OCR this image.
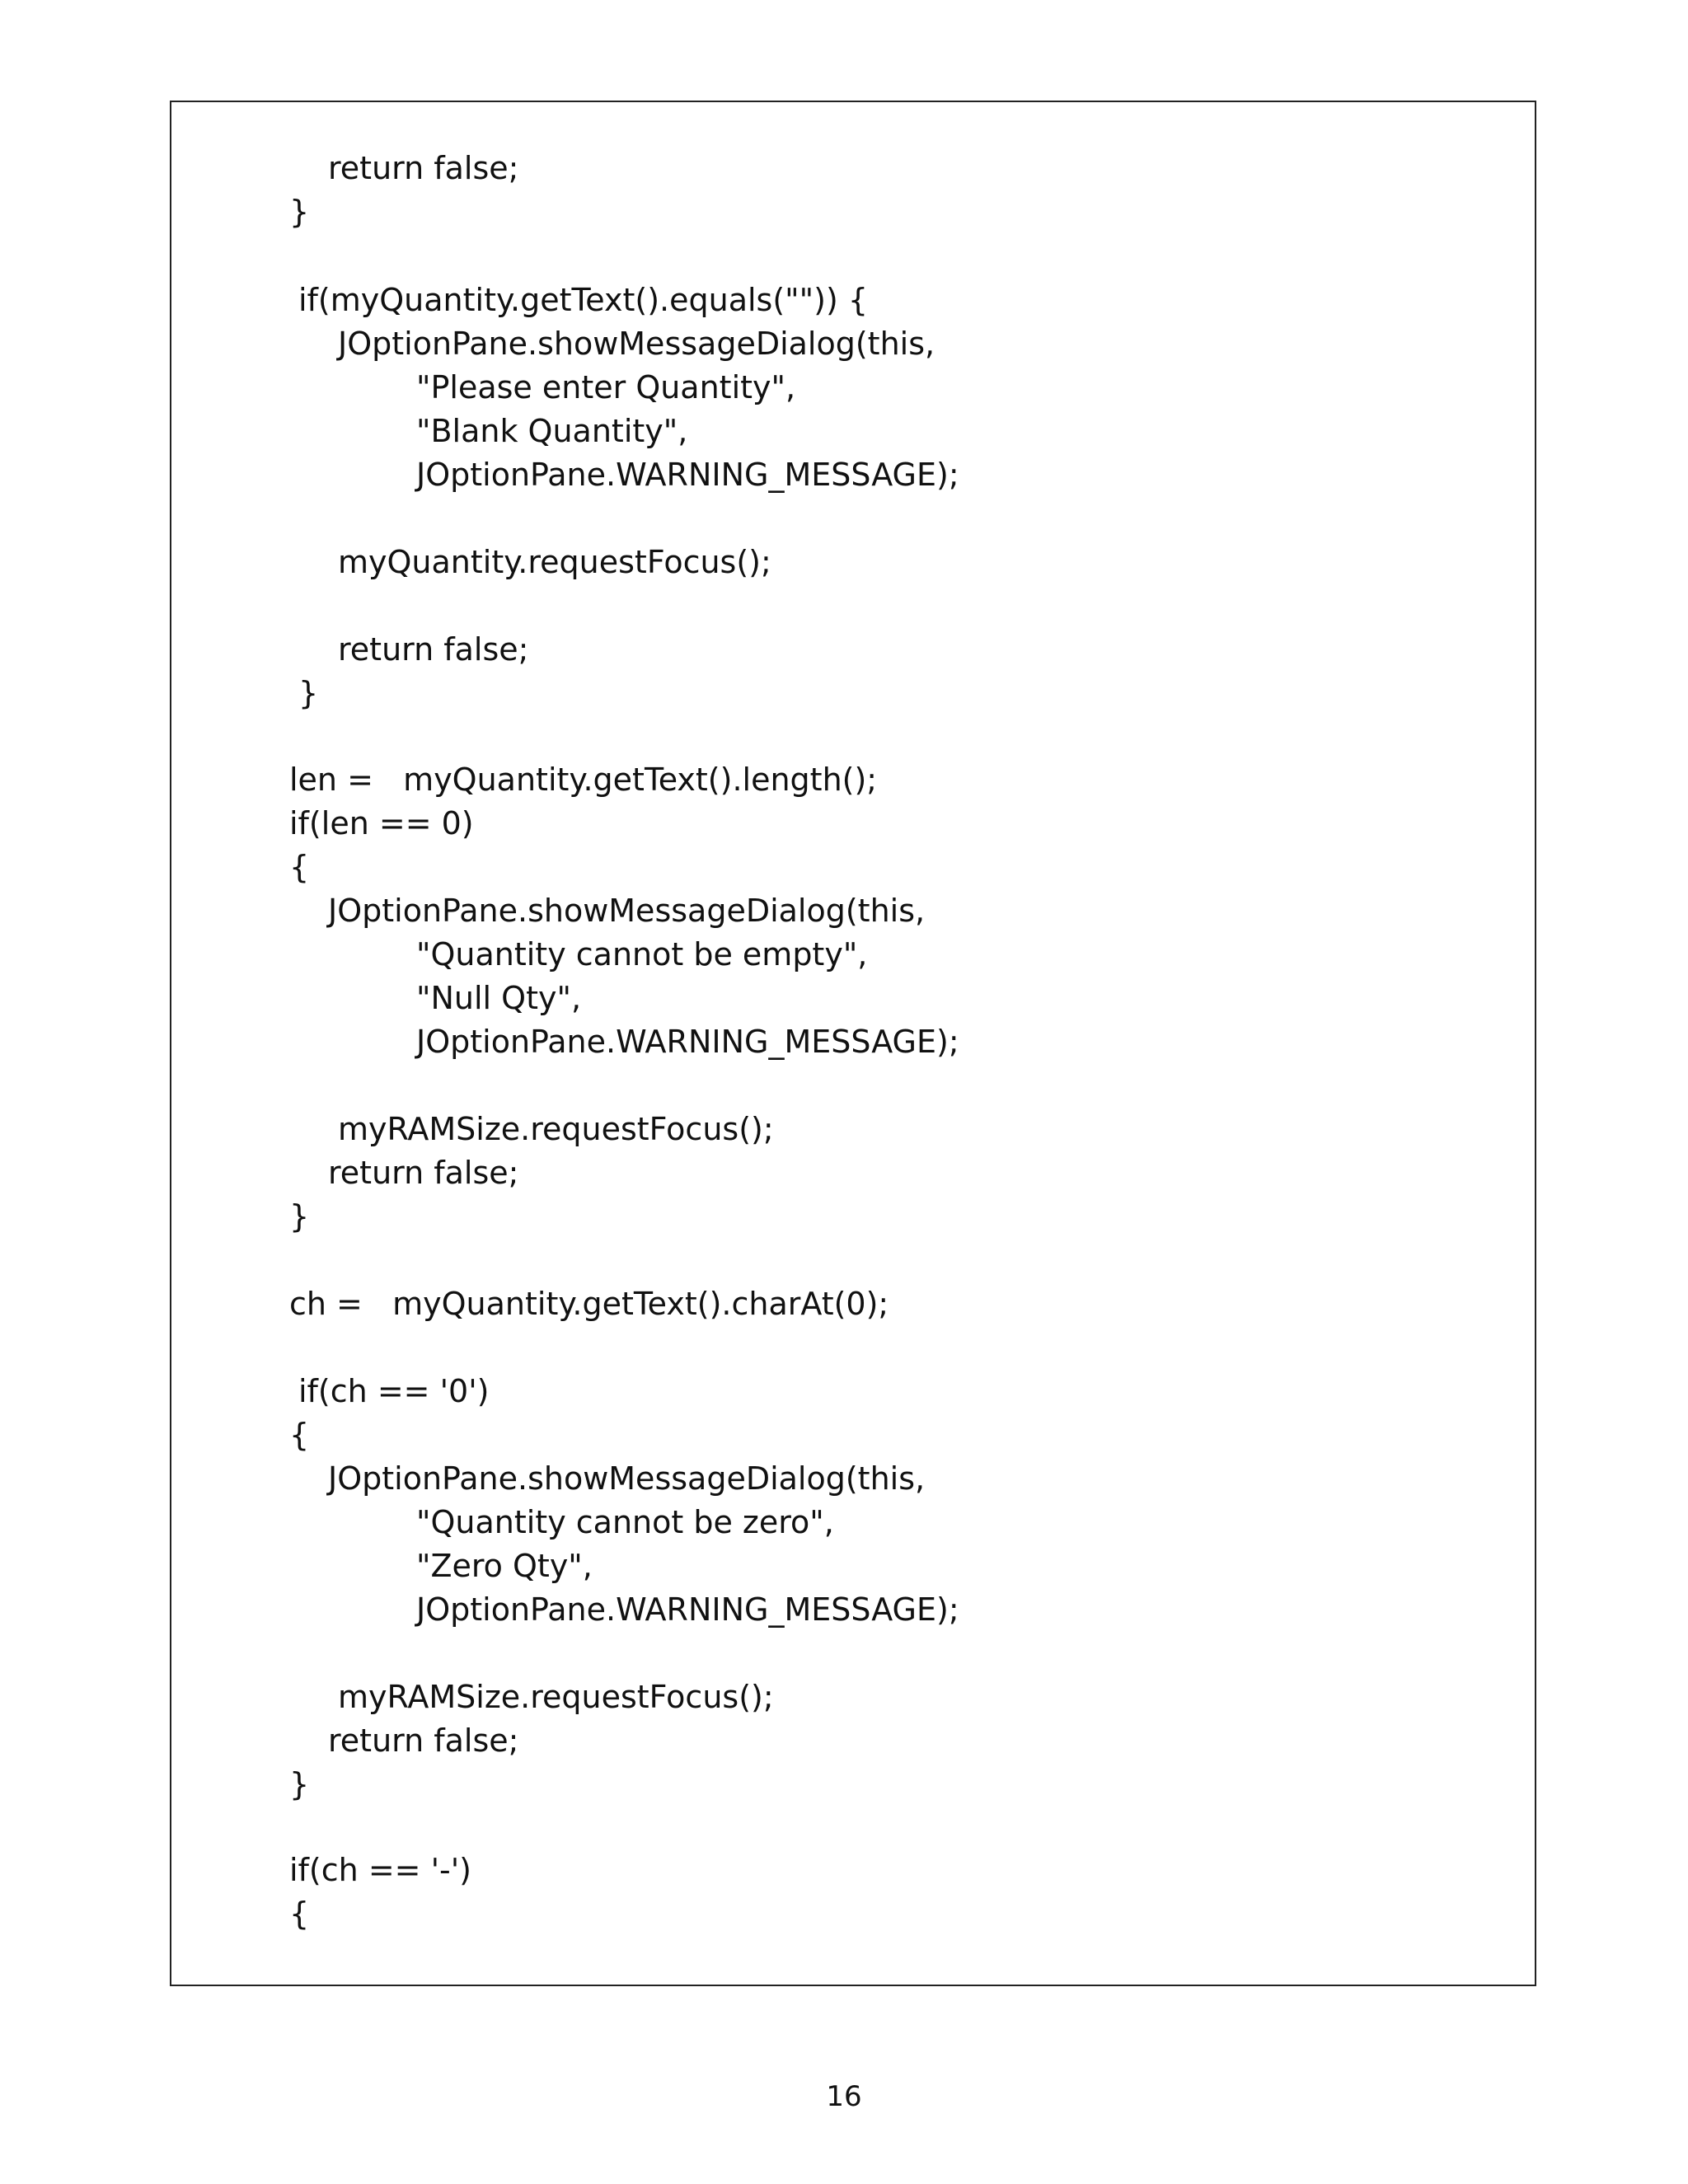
return false;
}
if(myQuantity.getText().equals("")) {
JOptionPane.showMessageDialog(this,
"Please enter Quantity",
"Blank Quantity",
JOptionPane.WARNING_MESSAGE);
myQuantity.requestFocus();
return false;
}
len =   myQuantity.getText().length();
if(len == 0)
{
JOptionPane.showMessageDialog(this,
"Quantity cannot be empty",
"Null Qty",
JOptionPane.WARNING_MESSAGE);
myRAMSize.requestFocus();
return false;
}
ch =   myQuantity.getText().charAt(0);
if(ch == '0')
{
JOptionPane.showMessageDialog(this,
"Quantity cannot be zero",
"Zero Qty",
JOptionPane.WARNING_MESSAGE);
myRAMSize.requestFocus();
return false;
}
if(ch == '-')
{
16
